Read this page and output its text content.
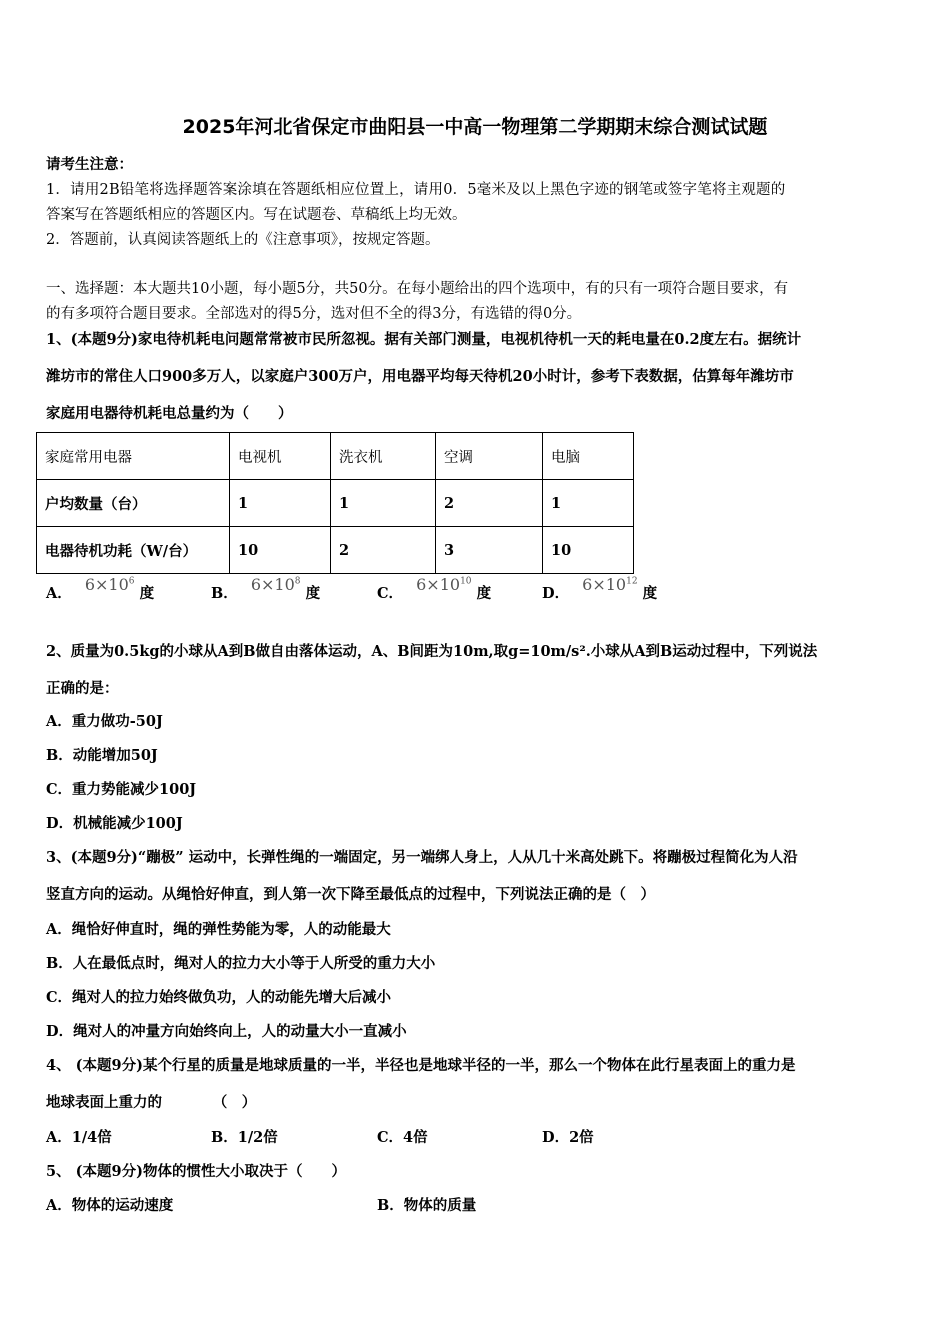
2025年河北省保定市曲阳县一中高一物理第二学期期末综合测试试题
请考生注意：
1．请用2B铅笔将选择题答案涂填在答题纸相应位置上，请用0．5毫米及以上黑色字迹的钢笔或签字笔将主观题的
答案写在答题纸相应的答题区内。写在试题卷、草稿纸上均无效。
2．答题前，认真阅读答题纸上的《注意事项》，按规定答题。
一、选择题：本大题共10小题，每小题5分，共50分。在每小题给出的四个选项中，有的只有一项符合题目要求，有
的有多项符合题目要求。全部选对的得5分，选对但不全的得3分，有选错的得0分。
1、(本题9分)家电待机耗电问题常常被市民所忽视。据有关部门测量，电视机待机一天的耗电量在0.2度左右。据统计
潍坊市的常住人口900多万人，以家庭户300万户，用电器平均每天待机20小时计，参考下表数据，估算每年潍坊市
家庭用电器待机耗电总量约为（　　）
家庭常用电器	电视机	洗衣机	空调	电脑
户均数量（台）	1	1	2	1
电器待机功耗（W/台）	10	2	3	10
A． $6\times 10^6$ 度	B． $6\times 10^8$ 度	C． $6\times 10^{10}$ 度	D． $6\times 10^{12}$ 度
2、质量为0.5kg的小球从A到B做自由落体运动，A、B间距为10m,取g=10m/s².小球从A到B运动过程中，下列说法
正确的是：
A．重力做功-50J
B．动能增加50J
C．重力势能减少100J
D．机械能减少100J
3、(本题9分)“蹦极” 运动中，长弹性绳的一端固定，另一端绑人身上，人从几十米高处跳下。将蹦极过程简化为人沿
竖直方向的运动。从绳恰好伸直，到人第一次下降至最低点的过程中，下列说法正确的是（　）
A．绳恰好伸直时，绳的弹性势能为零，人的动能最大
B．人在最低点时，绳对人的拉力大小等于人所受的重力大小
C．绳对人的拉力始终做负功，人的动能先增大后减小
D．绳对人的冲量方向始终向上，人的动量大小一直减小
4、 (本题9分)某个行星的质量是地球质量的一半，半径也是地球半径的一半，那么一个物体在此行星表面上的重力是
地球表面上重力的　　　　（　）
A．1/4倍	B．1/2倍	C．4倍	D．2倍
5、 (本题9分)物体的惯性大小取决于（　　）
A．物体的运动速度	B．物体的质量
